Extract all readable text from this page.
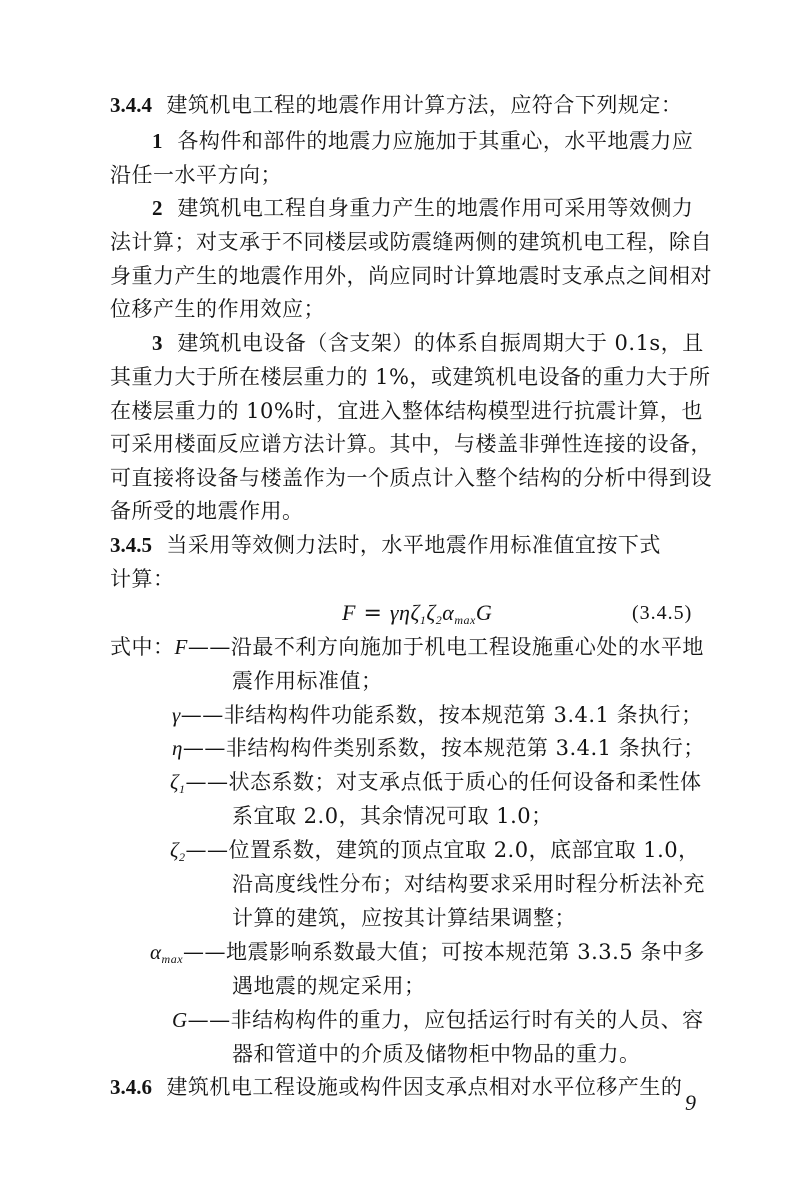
3.4.4 建筑机电工程的地震作用计算方法，应符合下列规定：
1 各构件和部件的地震力应施加于其重心，水平地震力应
沿任一水平方向；
2 建筑机电工程自身重力产生的地震作用可采用等效侧力
法计算；对支承于不同楼层或防震缝两侧的建筑机电工程，除自
身重力产生的地震作用外，尚应同时计算地震时支承点之间相对
位移产生的作用效应；
3 建筑机电设备（含支架）的体系自振周期大于 0.1s，且
其重力大于所在楼层重力的 1%，或建筑机电设备的重力大于所
在楼层重力的 10%时，宜进入整体结构模型进行抗震计算，也
可采用楼面反应谱方法计算。其中，与楼盖非弹性连接的设备，
可直接将设备与楼盖作为一个质点计入整个结构的分析中得到设
备所受的地震作用。
3.4.5 当采用等效侧力法时，水平地震作用标准值宜按下式
计算：
$F = \gamma\eta\zeta_1\zeta_2\alpha_{max}G$	(3.4.5)
式中：F——沿最不利方向施加于机电工程设施重心处的水平地
震作用标准值；
γ——非结构构件功能系数，按本规范第 3.4.1 条执行；
η——非结构构件类别系数，按本规范第 3.4.1 条执行；
$\zeta_1——$状态系数；对支承点低于质心的任何设备和柔性体
系宜取 2.0，其余情况可取 1.0；
$\zeta_2——$位置系数，建筑的顶点宜取 2.0，底部宜取 1.0，
沿高度线性分布；对结构要求采用时程分析法补充
计算的建筑，应按其计算结果调整；
$\alpha_{max}——$地震影响系数最大值；可按本规范第 3.3.5 条中多
遇地震的规定采用；
G——非结构构件的重力，应包括运行时有关的人员、容
器和管道中的介质及储物柜中物品的重力。
3.4.6 建筑机电工程设施或构件因支承点相对水平位移产生的
9
